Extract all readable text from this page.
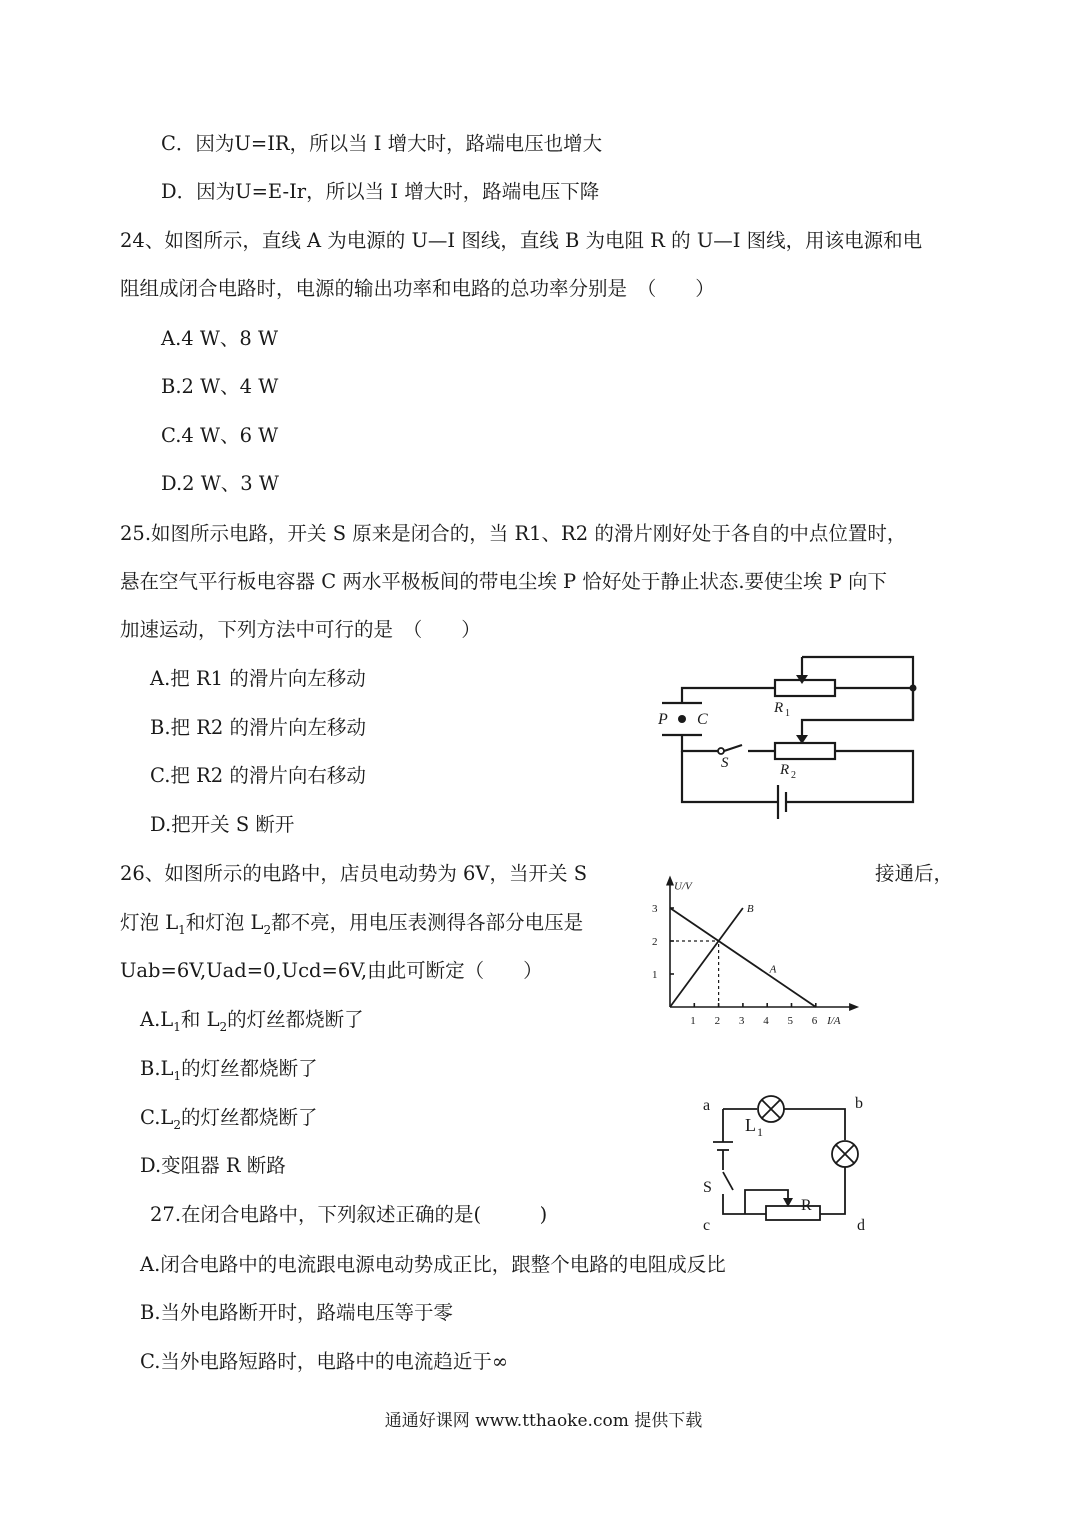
C．因为U=IR，所以当 I 增大时，路端电压也增大
D．因为U=E-Ir，所以当 I 增大时，路端电压下降
24、如图所示，直线 A 为电源的 U—I 图线，直线 B 为电阻 R 的 U—I 图线，用该电源和电
阻组成闭合电路时，电源的输出功率和电路的总功率分别是　（　　）
A.4 W、8 W
B.2 W、4 W
C.4 W、6 W
D.2 W、3 W
25.如图所示电路，开关 S 原来是闭合的，当 R1、R2 的滑片刚好处于各自的中点位置时，
悬在空气平行板电容器 C 两水平极板间的带电尘埃 P 恰好处于静止状态.要使尘埃 P 向下
加速运动，下列方法中可行的是　（　　）
A.把 R1 的滑片向左移动
B.把 R2 的滑片向左移动
C.把 R2 的滑片向右移动
D.把开关 S 断开
P C
R 1
S	R 2
26、如图所示的电路中，店员电动势为 6V，当开关 S	接通后，
灯泡 $L_1$和灯泡 $L_2$都不亮，用电压表测得各部分电压是
Uab=6V,Uad=0,Ucd=6V,由此可断定（　　）
$A.L_1$和 $L_2$的灯丝都烧断了
$B.L_1$的灯丝都烧断了
$C.L_2$的灯丝都烧断了
D.变阻器 R 断路
1 2 3 4 5 6
1
2
3
A
B
U/V
I/A
a	b
c	d
L 1
S
R
27.在闭合电路中，下列叙述正确的是(　　　)
A.闭合电路中的电流跟电源电动势成正比，跟整个电路的电阻成反比
B.当外电路断开时，路端电压等于零
C.当外电路短路时，电路中的电流趋近于∞
通通好课网 www.tthaoke.com 提供下载
